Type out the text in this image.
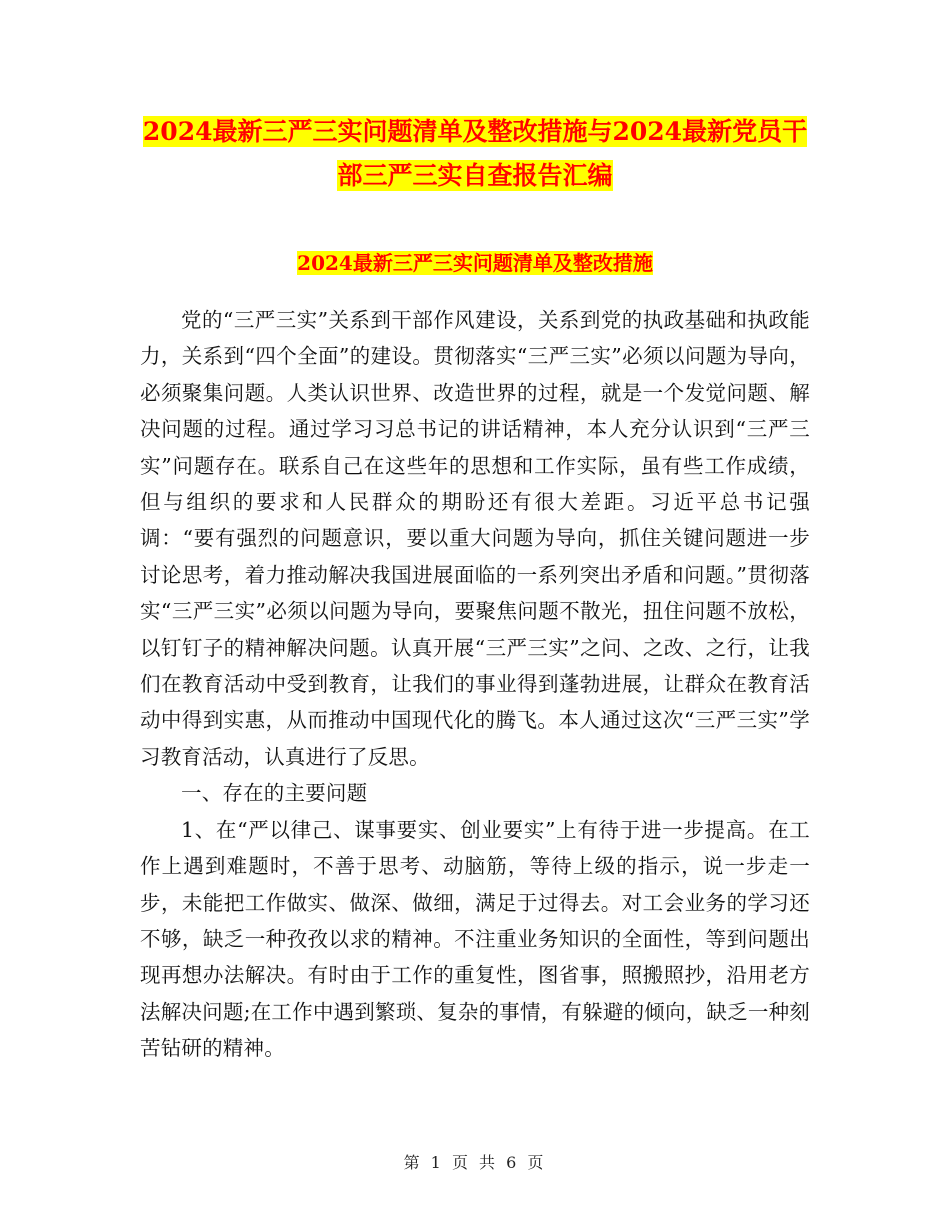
2024最新三严三实问题清单及整改措施与2024最新党员干部三严三实自查报告汇编
2024最新三严三实问题清单及整改措施

党的“三严三实”关系到干部作风建设，关系到党的执政基础和执政能力，关系到“四个全面”的建设。贯彻落实“三严三实”必须以问题为导向，必须聚集问题。人类认识世界、改造世界的过程，就是一个发觉问题、解决问题的过程。通过学习习总书记的讲话精神，本人充分认识到“三严三实”问题存在。联系自己在这些年的思想和工作实际，虽有些工作成绩，但与组织的要求和人民群众的期盼还有很大差距。习近平总书记强调：“要有强烈的问题意识，要以重大问题为导向，抓住关键问题进一步讨论思考，着力推动解决我国进展面临的一系列突出矛盾和问题。”贯彻落实“三严三实”必须以问题为导向，要聚焦问题不散光，扭住问题不放松，以钉钉子的精神解决问题。认真开展“三严三实”之问、之改、之行，让我们在教育活动中受到教育，让我们的事业得到蓬勃进展，让群众在教育活动中得到实惠，从而推动中国现代化的腾飞。本人通过这次“三严三实”学习教育活动，认真进行了反思。

一、存在的主要问题

1、在“严以律己、谋事要实、创业要实”上有待于进一步提高。在工作上遇到难题时，不善于思考、动脑筋，等待上级的指示，说一步走一步，未能把工作做实、做深、做细，满足于过得去。对工会业务的学习还不够，缺乏一种孜孜以求的精神。不注重业务知识的全面性，等到问题出现再想办法解决。有时由于工作的重复性，图省事，照搬照抄，沿用老方法解决问题;在工作中遇到繁琐、复杂的事情，有躲避的倾向，缺乏一种刻苦钻研的精神。

第 1 页 共 6 页
